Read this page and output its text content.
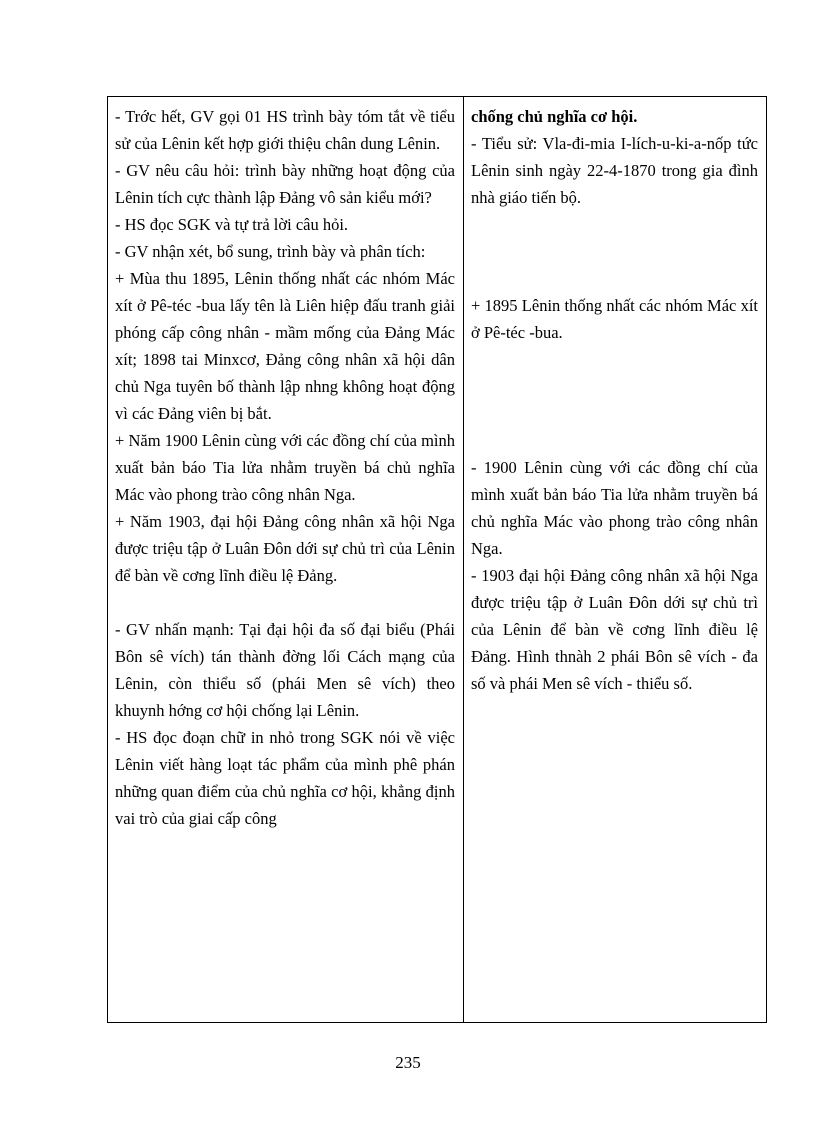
- Trớc hết, GV gọi 01 HS trình bày tóm tắt về tiểu sử của Lênin kết hợp giới thiệu chân dung Lênin.

- GV nêu câu hỏi: trình bày những hoạt động của Lênin tích cực thành lập Đảng vô sản kiểu mới?

- HS đọc SGK và tự trả lời câu hỏi.

- GV nhận xét, bổ sung, trình bày và phân tích:

+ Mùa thu 1895, Lênin thống nhất các nhóm Mác xít ở Pê-téc -bua lấy tên là Liên hiệp đấu tranh giải phóng cấp công nhân - mầm mống của Đảng Mác xít; 1898 tai Minxcơ, Đảng công nhân xã hội dân chủ Nga tuyên bố thành lập nhng không hoạt động vì các Đảng viên bị bắt.

+ Năm 1900 Lênin cùng với các đồng chí của mình xuất bản báo Tia lửa nhằm truyền bá chủ nghĩa Mác vào phong trào công nhân Nga.

+ Năm 1903, đại hội Đảng công nhân xã hội Nga được triệu tập ở Luân Đôn dới sự chủ trì của Lênin để bàn về cơng lĩnh điều lệ Đảng.

- GV nhấn mạnh: Tại đại hội đa số đại biểu (Phái Bôn sê vích) tán thành đờng lối Cách mạng của Lênin, còn thiểu số (phái Men sê vích) theo khuynh hớng cơ hội chống lại Lênin.

- HS đọc đoạn chữ in nhỏ trong SGK nói về việc Lênin viết hàng loạt tác phẩm của mình phê phán những quan điểm của chủ nghĩa cơ hội, khẳng định vai trò của giai cấp công

chống chủ nghĩa cơ hội.

- Tiểu sử: Vla-đi-mia I-lích-u-ki-a-nốp tức Lênin sinh ngày 22-4-1870 trong gia đình nhà giáo tiến bộ.

+ 1895 Lênin thống nhất các nhóm Mác xít ở Pê-téc -bua.

- 1900 Lênin cùng với các đồng chí của mình xuất bản báo Tia lửa nhằm truyền bá chủ nghĩa Mác vào phong trào công nhân Nga.

- 1903 đại hội Đảng công nhân xã hội Nga được triệu tập ở Luân Đôn dới sự chủ trì của Lênin để bàn về cơng lĩnh điều lệ Đảng. Hình thnàh 2 phái Bôn sê vích - đa số và phái Men sê vích - thiểu số.

235
